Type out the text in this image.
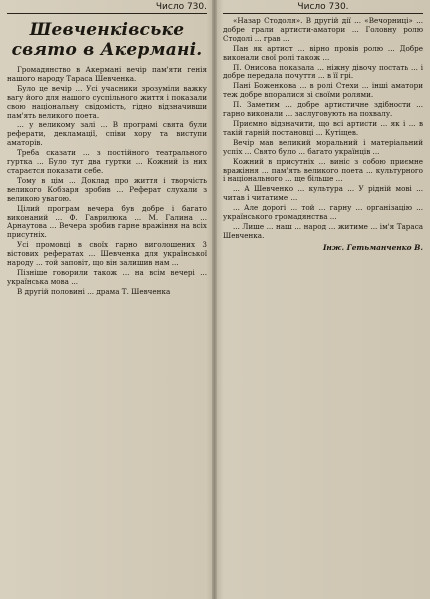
Число 730.
Шевченківське свято в Акермані.

Громадянство в Акермані вечір пам'яти генія нашого народу Тараса Шевченка.

Було це вечір ... Усі учасники зрозуміли важку вагу його для нашого суспільного життя і показали свою національну свідомість, гідно відзначивши пам'ять великого поета.

... у великому залі ... В програмі свята були реферати, декламації, співи хору та виступи аматорів.

Треба сказати ... з постійного театрального гуртка ... Було тут два гуртки ... Кожний із них стараєтся показати себе.

Тому в цім ... Доклад про життя і творчість великого Кобзаря зробив ... Реферат слухали з великою увагою.

Цілий програм вечера був добре і багато виконаний ... Ф. Гаврилюка ... М. Галина ... Арнаутова ... Вечера зробив гарне вражіння на всіх присутніх.

Усі промовці в своїх гарно виголошених 3 вістових рефератах ... Шевченка для української народу ... той заповіт, що він залишив нам ...

Пізніше говорили також ... на всім вечері ... українська мова ...

В другій половині ... драма Т. Шевченка

Число 730.

«Назар Стодоля». В другій дії ... «Вечорниці» ... добре грали артисти-аматори ... Головну ролю Стодолі ... грав ...

Пан як артист ... вірно провів ролю ... Добре виконали свої ролі також ...

П. Онисова показала ... ніжну дівочу постать ... і добре передала почуття ... в її грі.

Пані Боженкова ... в ролі Стехи ... інші аматори теж добре впоралися зі своїми ролями.

П. Заметим ... добре артистичне здібности ... гарно виконали ... заслуговують на похвалу.

Приємно відзначити, що всі артисти ... як і ... в такій гарній постановці ... Кутіщев.

Вечір мав великий моральний і матеріальний успіх ... Свято було ... багато українців ...

Кожний в присутніх ... виніс з собою приємне вражіння ... пам'ять великого поета ... культурного і національного ... ще більше ...

... А Шевченко ... культура ... У рідній мові ... читав і читатиме ...

... Але дорогі ... той ... гарну ... організацію ... українського громадянства ...

... Лише ... наш ... народ ... житиме ... ім'я Тараса Шевченка.

Інж. Гетьманченко В.
